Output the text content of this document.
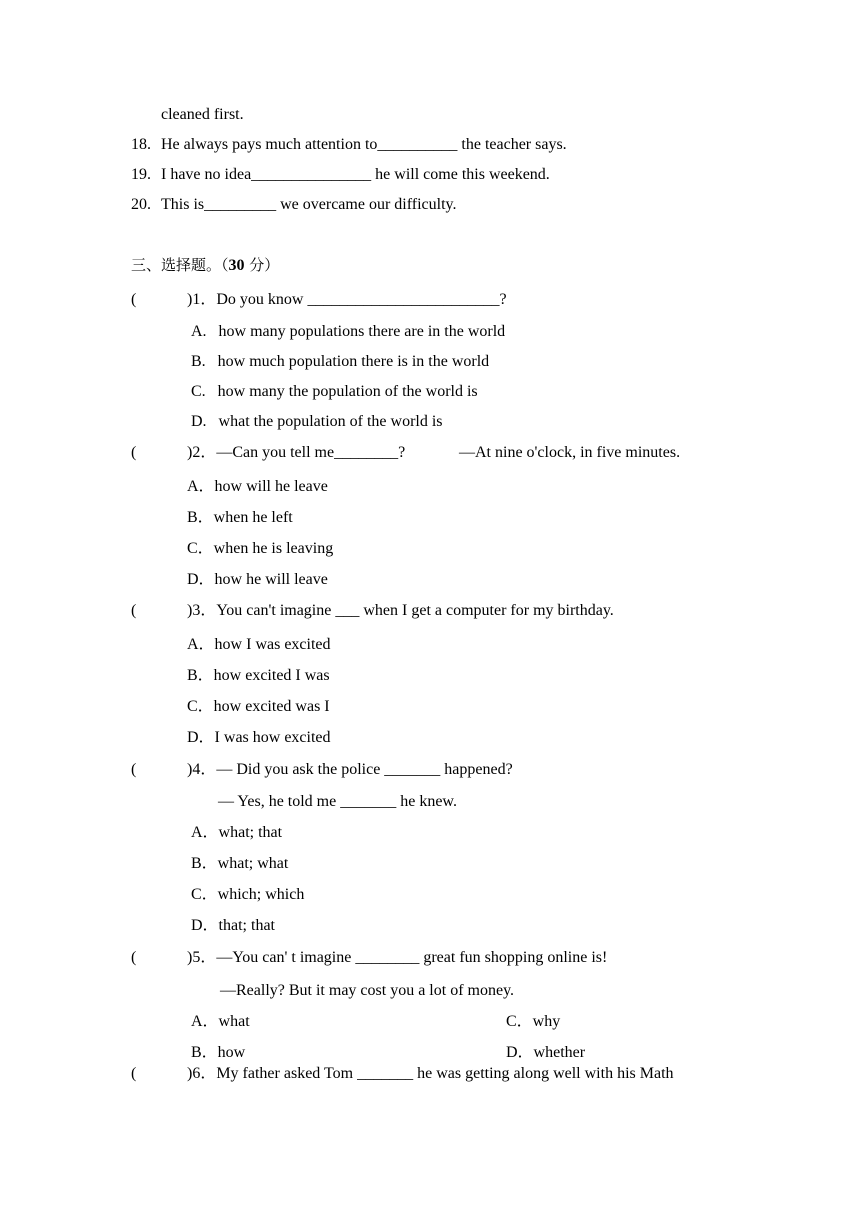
cleaned first.
18. He always pays much attention to__________ the teacher says.
19. I have no idea_______________ he will come this weekend.
20. This is_________ we overcame our difficulty.
三、选择题。（30 分）
(	)1．Do you know ________________________?
A.   how many populations there are in the world
B.   how much population there is in the world
C.   how many the population of the world is
D.   what the population of the world is
(	)2．—Can you tell me________?	—At nine o'clock, in five minutes.
A．how will he leave
B．when he left
C．when he is leaving
D．how he will leave
(	)3．You can't imagine ___ when I get a computer for my birthday.
A．how I was excited
B．how excited I was
C．how excited was I
D．I was how excited
(	)4．— Did you ask the police _______ happened?
— Yes, he told me _______ he knew.
A．what; that
B．what; what
C．which; which
D．that; that
(	)5．—You can' t imagine ________ great fun shopping online is!
—Really? But it may cost you a lot of money.
A．what	C．why
B．how	D．whether
(	)6．My father asked Tom _______ he was getting along well with his Math
